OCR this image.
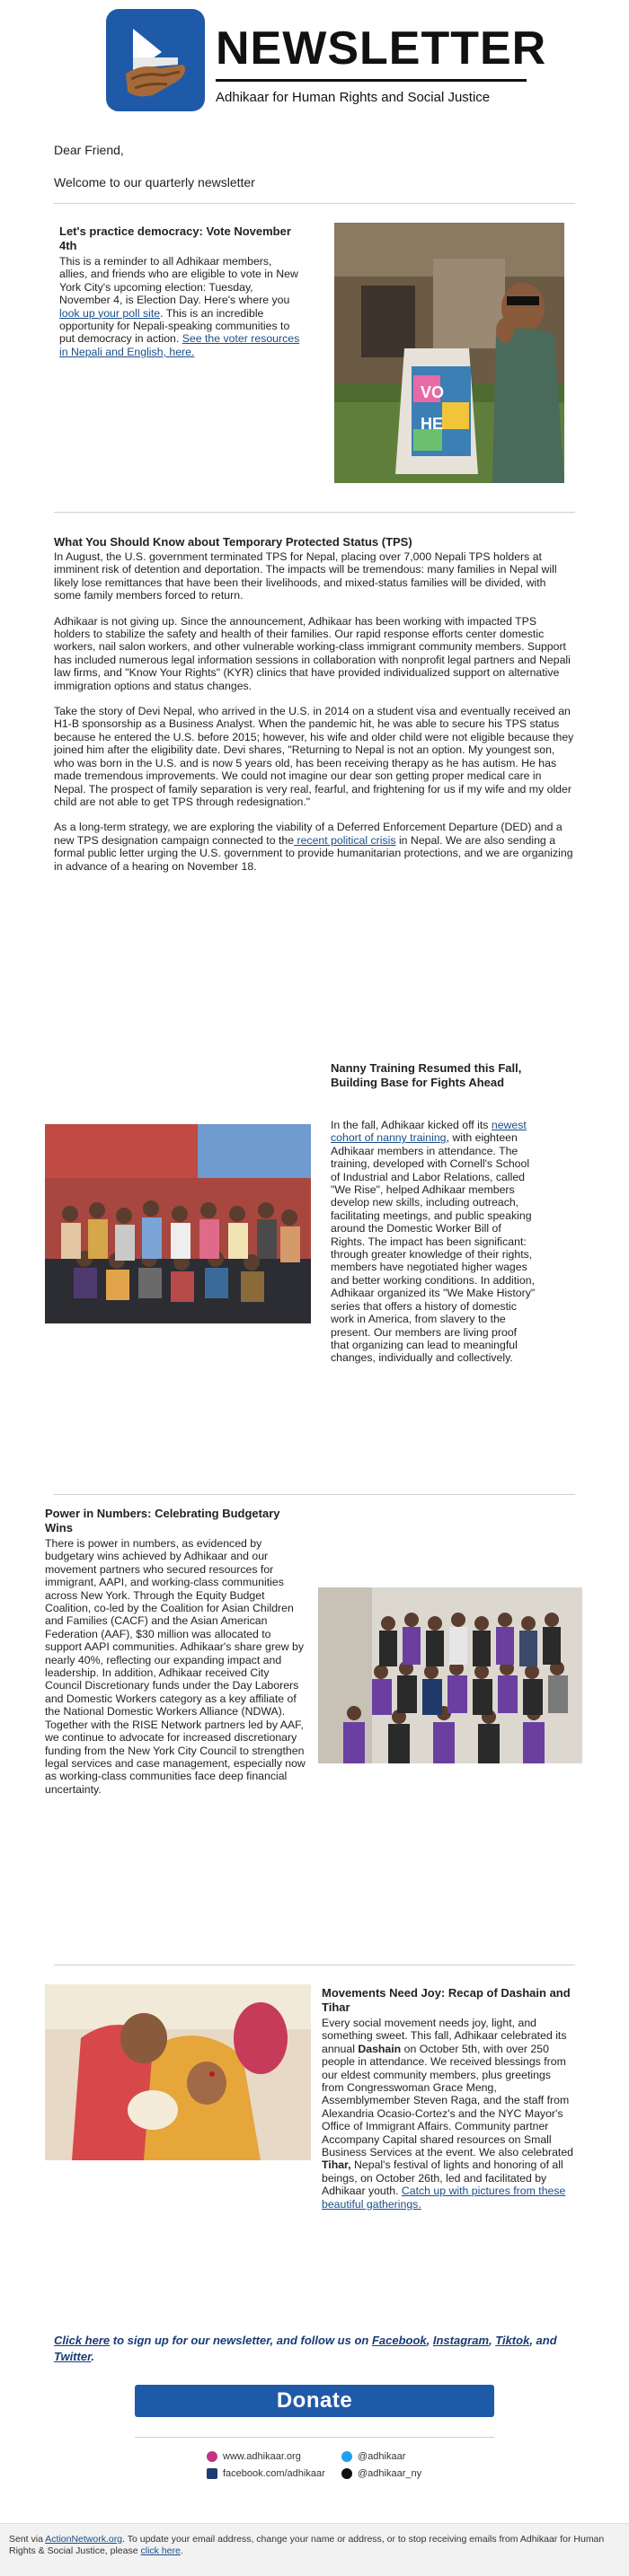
NEWSLETTER
Adhikaar for Human Rights and Social Justice
Dear Friend,
Welcome to our quarterly newsletter
Let's practice democracy: Vote November 4th
This is a reminder to all Adhikaar members, allies, and friends who are eligible to vote in New York City's upcoming election: Tuesday, November 4, is Election Day. Here's where you look up your poll site. This is an incredible opportunity for Nepali-speaking communities to put democracy in action. See the voter resources in Nepali and English, here.
VO
HE
What You Should Know about Temporary Protected Status (TPS)
In August, the U.S. government terminated TPS for Nepal, placing over 7,000 Nepali TPS holders at imminent risk of detention and deportation. The impacts will be tremendous: many families in Nepal will likely lose remittances that have been their livelihoods, and mixed-status families will be divided, with some family members forced to return.
Adhikaar is not giving up. Since the announcement, Adhikaar has been working with impacted TPS holders to stabilize the safety and health of their families. Our rapid response efforts center domestic workers, nail salon workers, and other vulnerable working-class immigrant community members. Support has included numerous legal information sessions in collaboration with nonprofit legal partners and Nepali law firms, and "Know Your Rights" (KYR) clinics that have provided individualized support on alternative immigration options and status changes.
Take the story of Devi Nepal, who arrived in the U.S. in 2014 on a student visa and eventually received an H1-B sponsorship as a Business Analyst. When the pandemic hit, he was able to secure his TPS status because he entered the U.S. before 2015; however, his wife and older child were not eligible because they joined him after the eligibility date. Devi shares, "Returning to Nepal is not an option. My youngest son, who was born in the U.S. and is now 5 years old, has been receiving therapy as he has autism. He has made tremendous improvements. We could not imagine our dear son getting proper medical care in Nepal. The prospect of family separation is very real, fearful, and frightening for us if my wife and my older child are not able to get TPS through redesignation."
As a long-term strategy, we are exploring the viability of a Deferred Enforcement Departure (DED) and a new TPS designation campaign connected to the recent political crisis in Nepal. We are also sending a formal public letter urging the U.S. government to provide humanitarian protections, and we are organizing in advance of a hearing on November 18.
Nanny Training Resumed this Fall, Building Base for Fights Ahead
In the fall, Adhikaar kicked off its newest cohort of nanny training, with eighteen Adhikaar members in attendance. The training, developed with Cornell's School of Industrial and Labor Relations, called "We Rise", helped Adhikaar members develop new skills, including outreach, facilitating meetings, and public speaking around the Domestic Worker Bill of Rights. The impact has been significant: through greater knowledge of their rights, members have negotiated higher wages and better working conditions. In addition, Adhikaar organized its "We Make History" series that offers a history of domestic work in America, from slavery to the present. Our members are living proof that organizing can lead to meaningful changes, individually and collectively.
Power in Numbers: Celebrating Budgetary Wins
There is power in numbers, as evidenced by budgetary wins achieved by Adhikaar and our movement partners who secured resources for immigrant, AAPI, and working-class communities across New York. Through the Equity Budget Coalition, co-led by the Coalition for Asian Children and Families (CACF) and the Asian American Federation (AAF), $30 million was allocated to support AAPI communities. Adhikaar's share grew by nearly 40%, reflecting our expanding impact and leadership. In addition, Adhikaar received City Council Discretionary funds under the Day Laborers and Domestic Workers category as a key affiliate of the National Domestic Workers Alliance (NDWA). Together with the RISE Network partners led by AAF, we continue to advocate for increased discretionary funding from the New York City Council to strengthen legal services and case management, especially now as working-class communities face deep financial uncertainty.
Movements Need Joy: Recap of Dashain and Tihar
Every social movement needs joy, light, and something sweet. This fall, Adhikaar celebrated its annual Dashain on October 5th, with over 250 people in attendance. We received blessings from our eldest community members, plus greetings from Congresswoman Grace Meng, Assemblymember Steven Raga, and the staff from Alexandria Ocasio-Cortez's and the NYC Mayor's Office of Immigrant Affairs. Community partner Accompany Capital shared resources on Small Business Services at the event. We also celebrated Tihar, Nepal's festival of lights and honoring of all beings, on October 26th, led and facilitated by Adhikaar youth. Catch up with pictures from these beautiful gatherings.
Click here to sign up for our newsletter, and follow us on Facebook, Instagram, Tiktok, and Twitter.
Donate
www.adhikaar.org
facebook.com/adhikaar
@adhikaar
@adhikaar_ny
Sent via ActionNetwork.org. To update your email address, change your name or address, or to stop receiving emails from Adhikaar for Human Rights & Social Justice, please click here.
